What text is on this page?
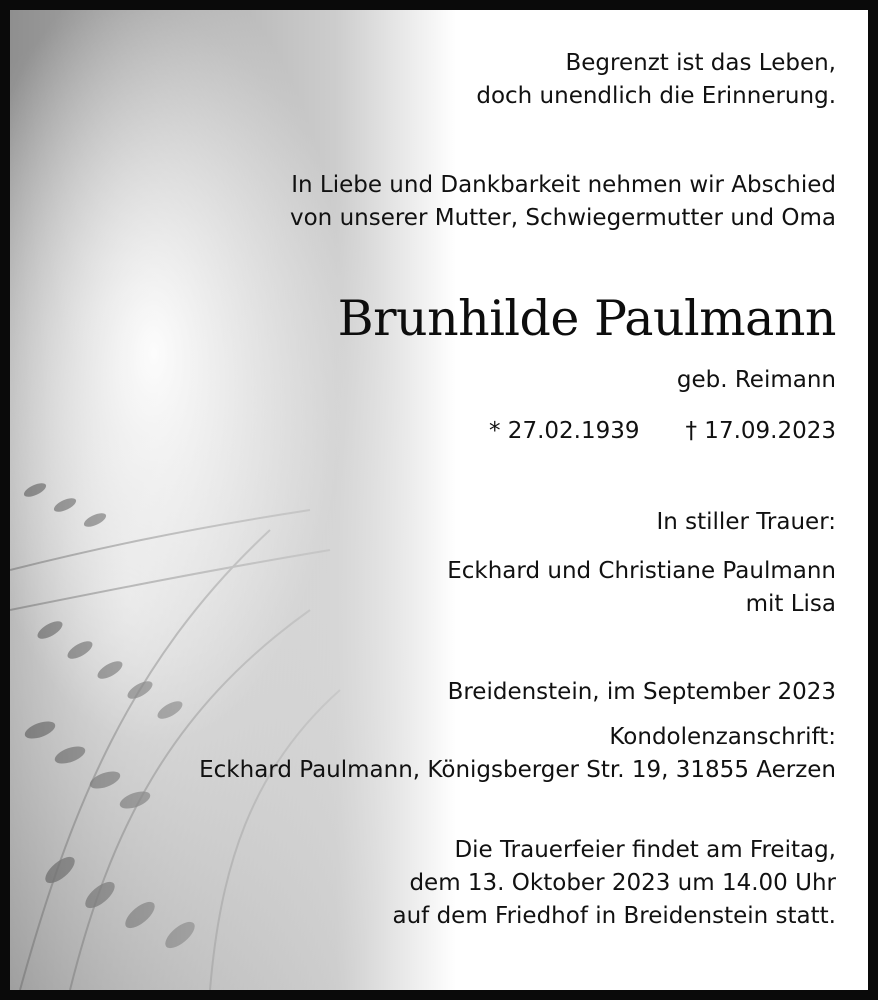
Begrenzt ist das Leben,
doch unendlich die Erinnerung.
In Liebe und Dankbarkeit nehmen wir Abschied
von unserer Mutter, Schwiegermutter und Oma
Brunhilde Paulmann
geb. Reimann
* 27.02.1939 † 17.09.2023
In stiller Trauer:
Eckhard und Christiane Paulmann
mit Lisa
Breidenstein, im September 2023
Kondolenzanschrift:
Eckhard Paulmann, Königsberger Str. 19, 31855 Aerzen
Die Trauerfeier findet am Freitag,
dem 13. Oktober 2023 um 14.00 Uhr
auf dem Friedhof in Breidenstein statt.
